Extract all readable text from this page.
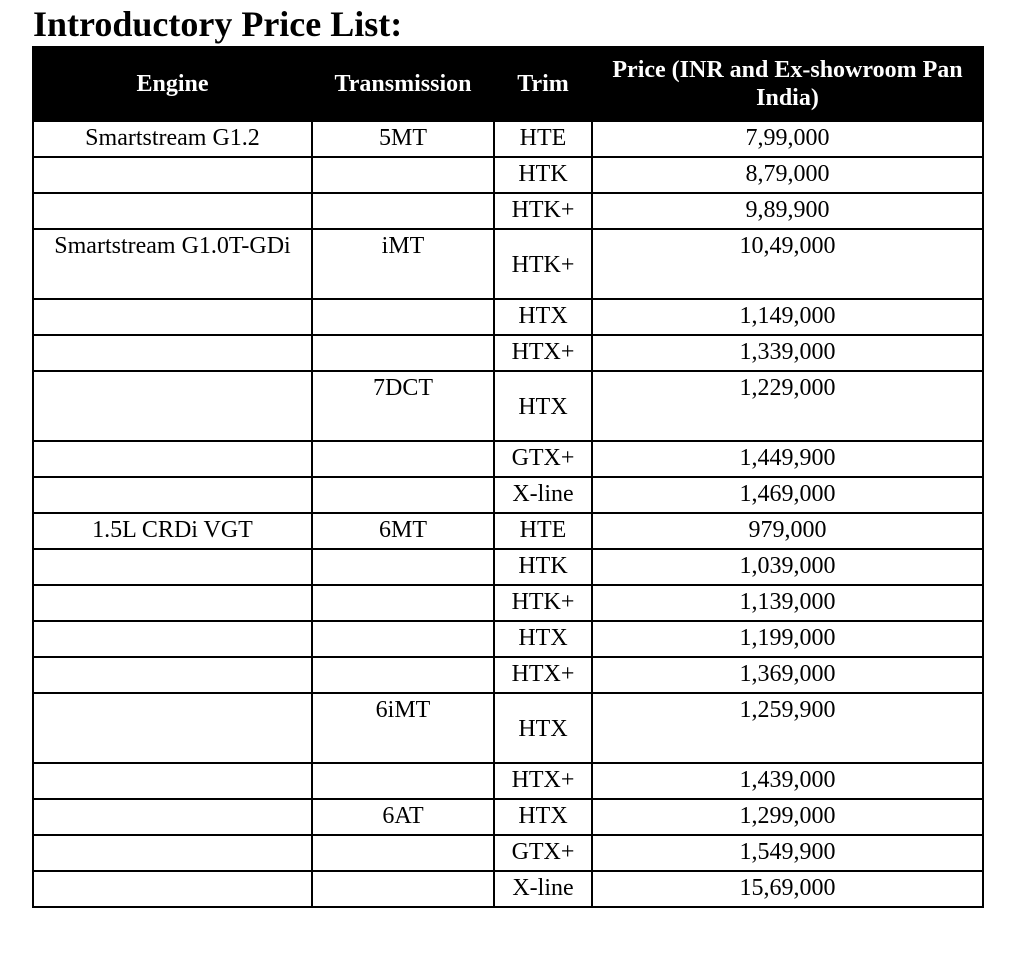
Introductory Price List:
Engine	Transmission	Trim	Price (INR and Ex-showroom Pan India)
Smartstream G1.2	5MT	HTE	7,99,000
		HTK	8,79,000
		HTK+	9,89,900
Smartstream G1.0T-GDi	iMT	HTK+	10,49,000
		HTX	1,149,000
		HTX+	1,339,000
	7DCT	HTX	1,229,000
		GTX+	1,449,900
		X-line	1,469,000
1.5L CRDi VGT	6MT	HTE	979,000
		HTK	1,039,000
		HTK+	1,139,000
		HTX	1,199,000
		HTX+	1,369,000
	6iMT	HTX	1,259,900
		HTX+	1,439,000
	6AT	HTX	1,299,000
		GTX+	1,549,900
		X-line	15,69,000
